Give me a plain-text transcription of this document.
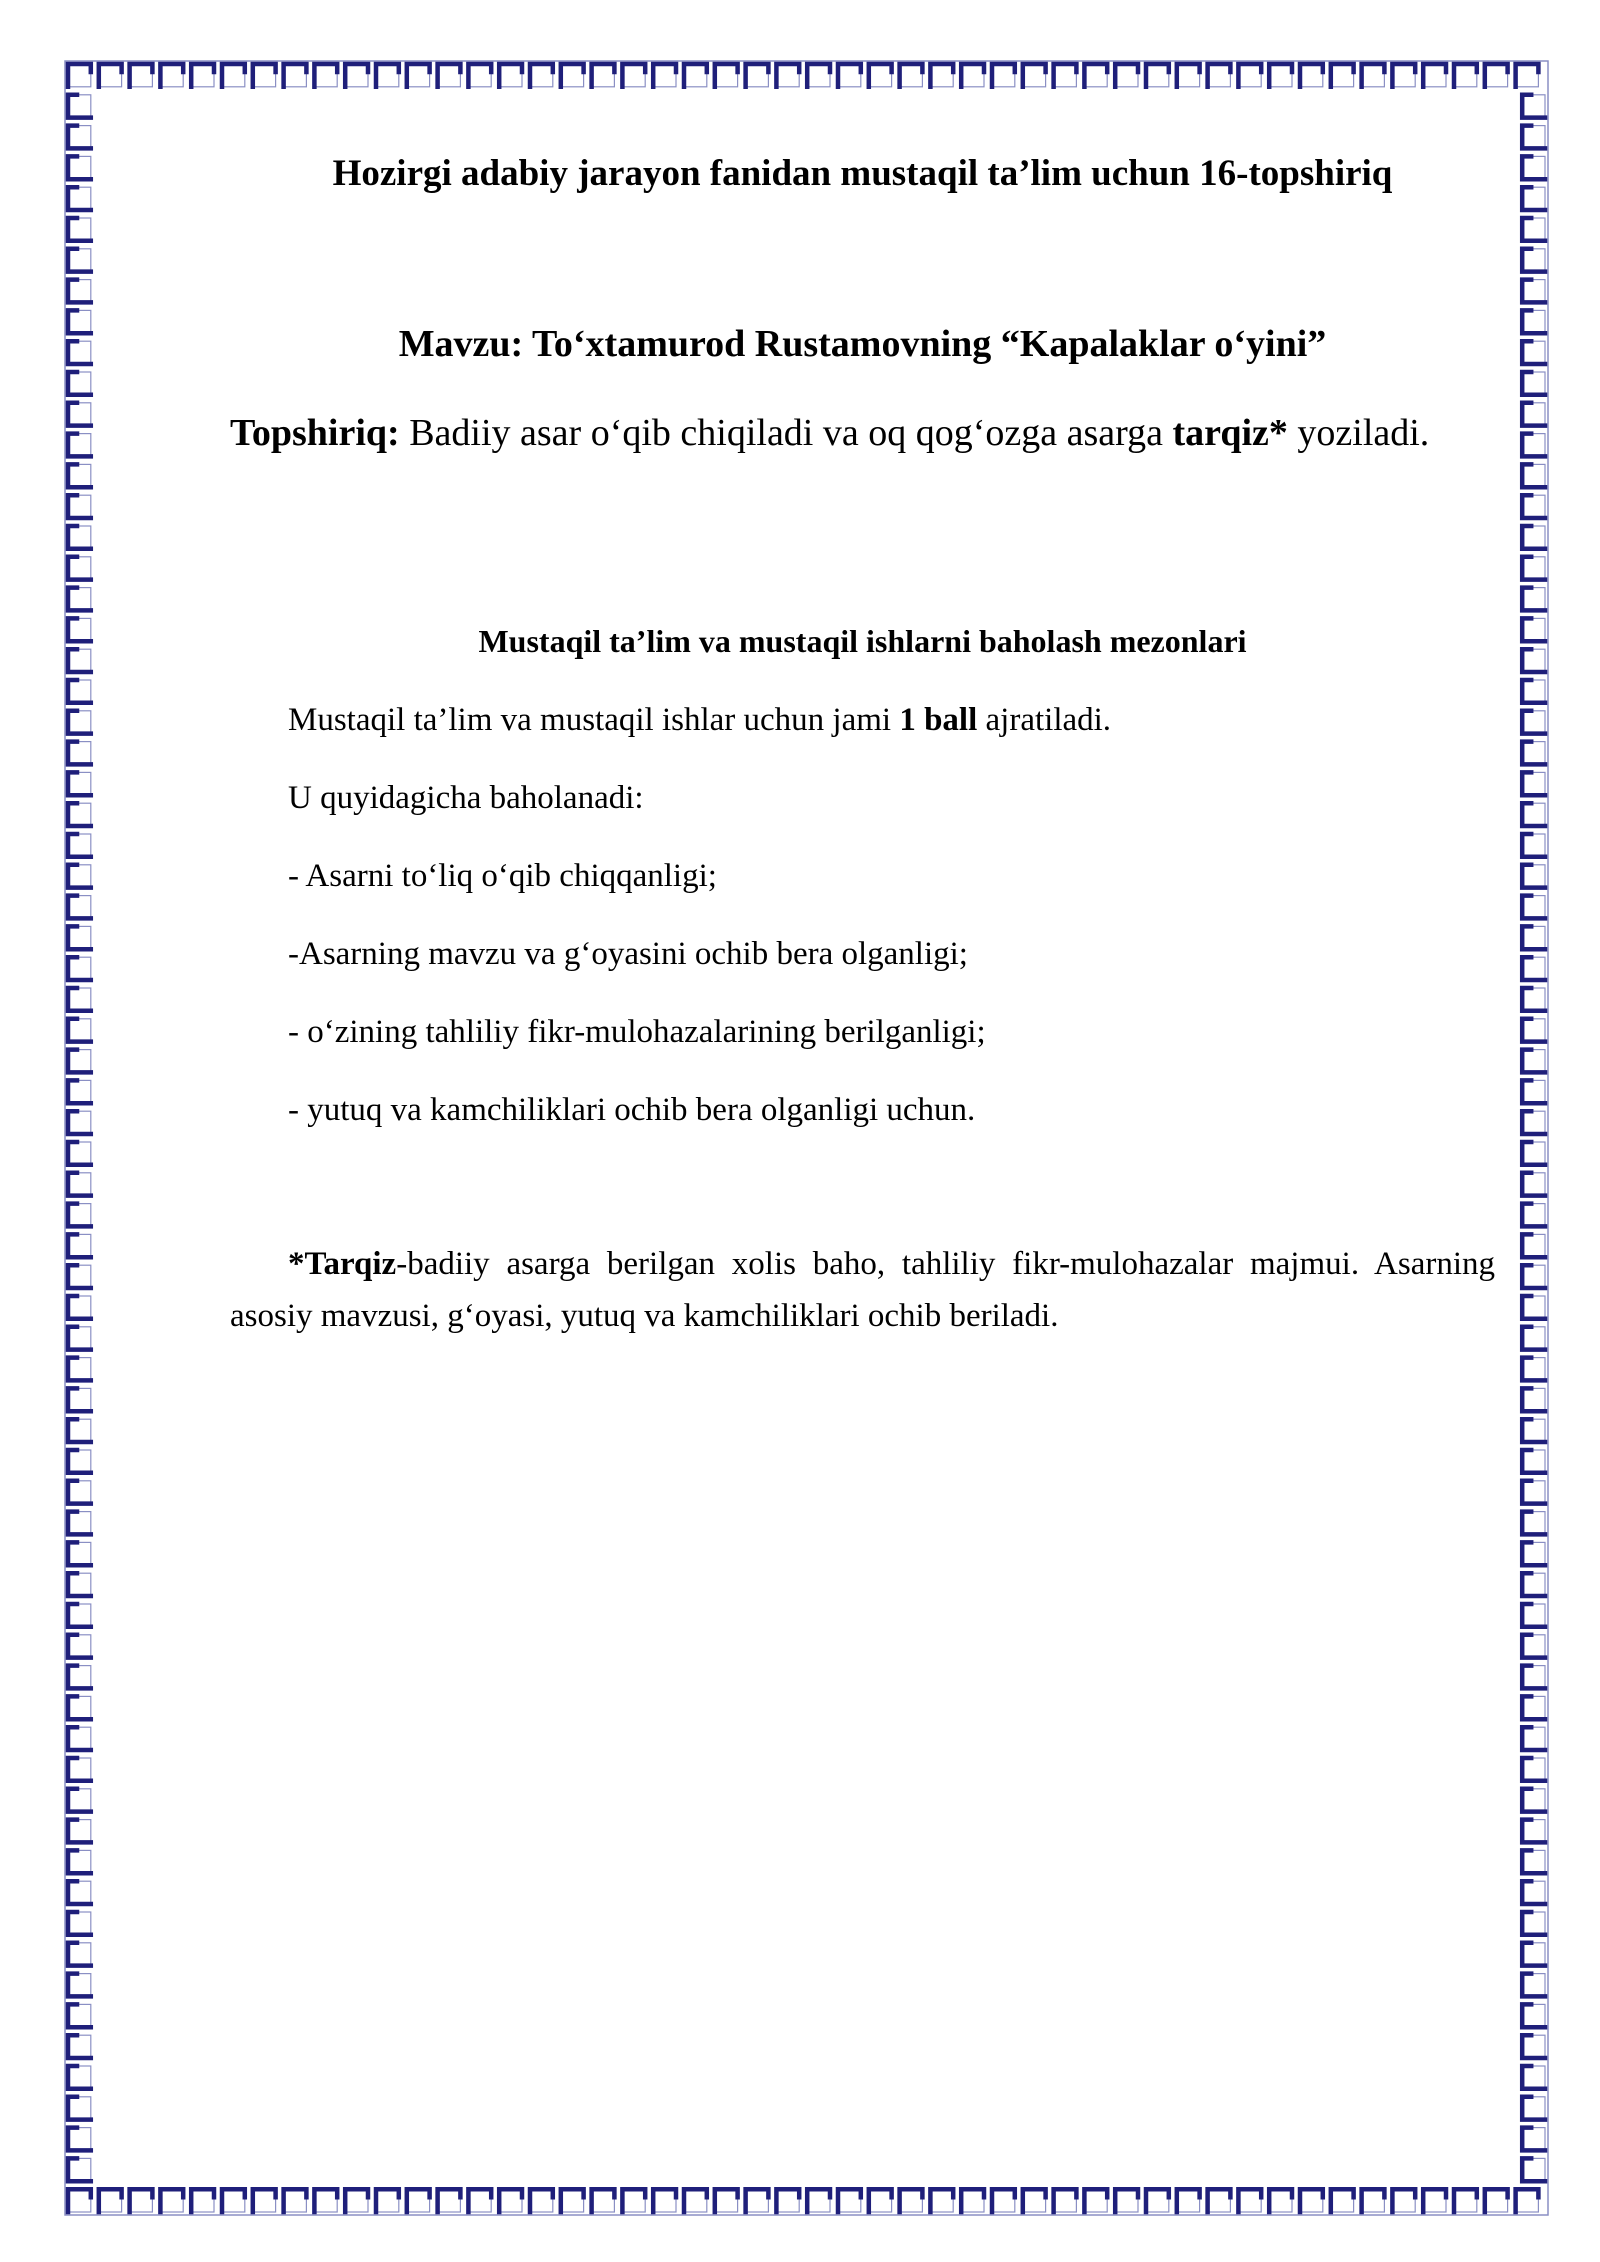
Hozirgi adabiy jarayon fanidan mustaqil ta’lim uchun 16-topshiriq
Mavzu: To‘xtamurod Rustamovning “Kapalaklar o‘yini”
Topshiriq: Badiiy asar o‘qib chiqiladi va oq qog‘ozga asarga tarqiz* yoziladi.
Mustaqil ta’lim va mustaqil ishlarni baholash mezonlari
Mustaqil ta’lim va mustaqil ishlar uchun jami 1 ball ajratiladi.
U quyidagicha baholanadi:
- Asarni to‘liq o‘qib chiqqanligi;
-Asarning mavzu va g‘oyasini ochib bera olganligi;
- o‘zining tahliliy fikr-mulohazalarining berilganligi;
- yutuq va kamchiliklari ochib bera olganligi uchun.
*Tarqiz-badiiy asarga berilgan xolis baho, tahliliy fikr-mulohazalar majmui. Asarning asosiy mavzusi, g‘oyasi, yutuq va kamchiliklari ochib beriladi.
